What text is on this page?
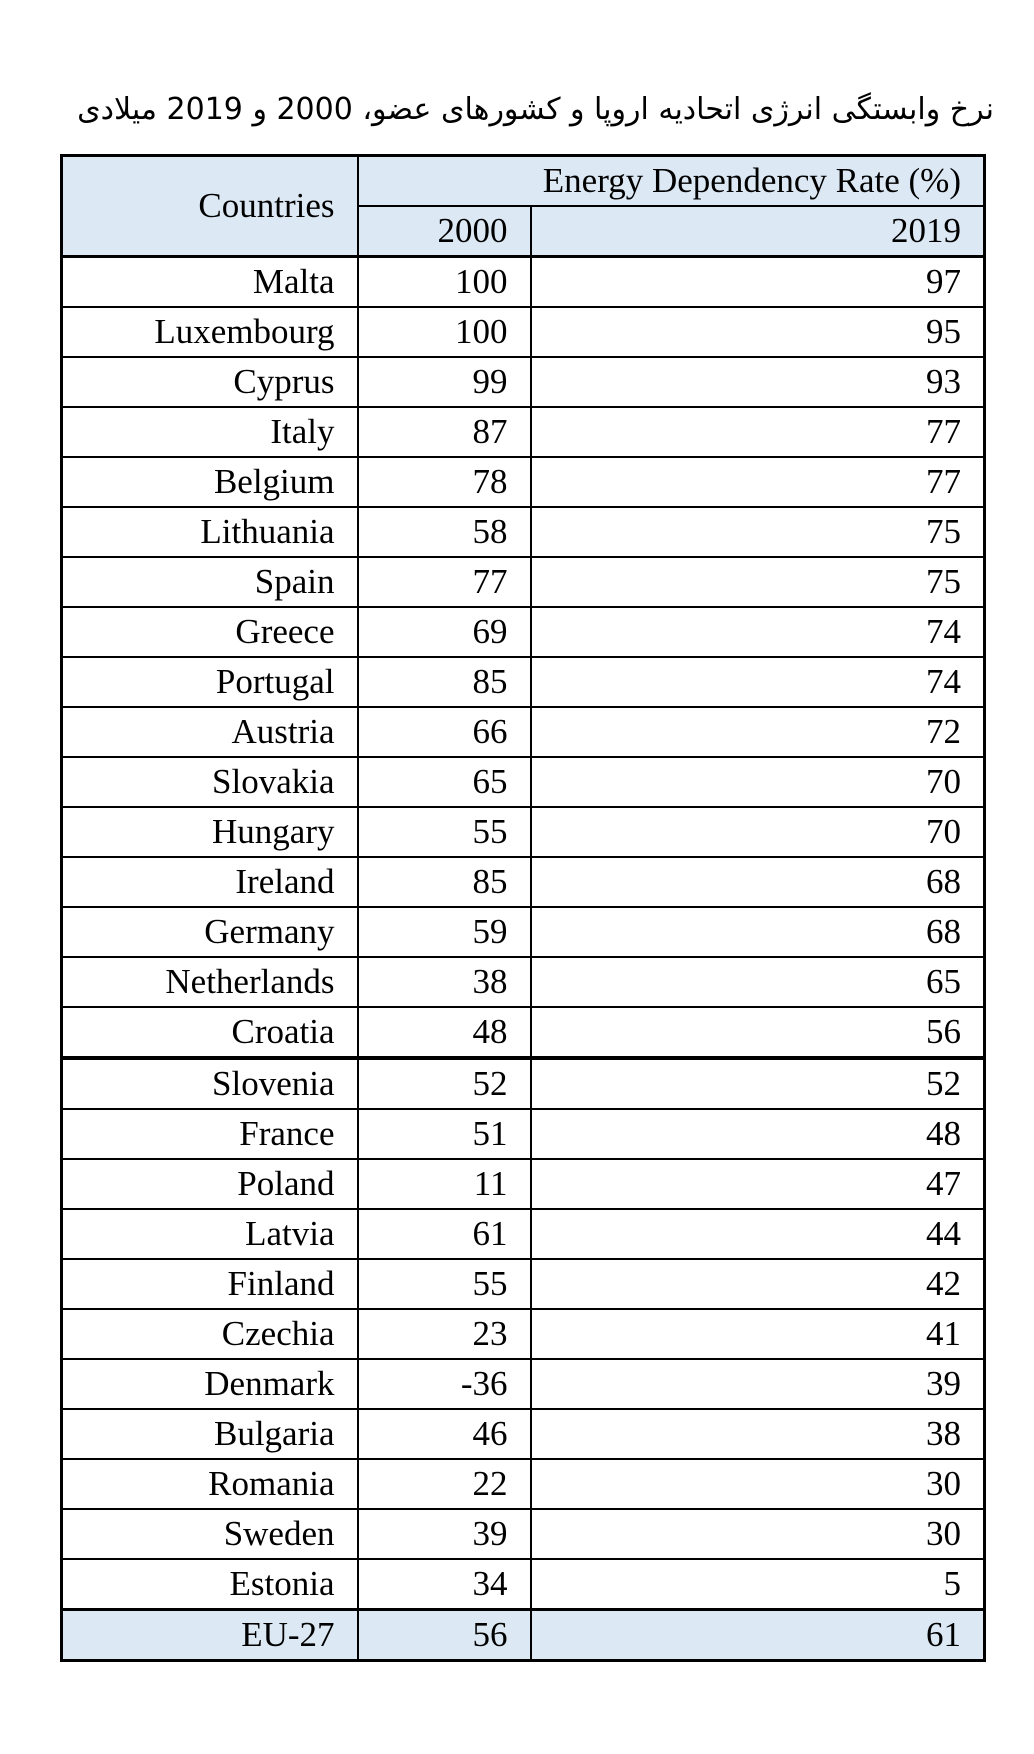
نرخ وابستگی انرژی اتحادیه اروپا و کشورهای عضو، 2000 و 2019 میلادی
Countries	Energy Dependency Rate (%)	
	2000	2019
Malta	100	97
Luxembourg	100	95
Cyprus	99	93
Italy	87	77
Belgium	78	77
Lithuania	58	75
Spain	77	75
Greece	69	74
Portugal	85	74
Austria	66	72
Slovakia	65	70
Hungary	55	70
Ireland	85	68
Germany	59	68
Netherlands	38	65
Croatia	48	56
Slovenia	52	52
France	51	48
Poland	11	47
Latvia	61	44
Finland	55	42
Czechia	23	41
Denmark	-36	39
Bulgaria	46	38
Romania	22	30
Sweden	39	30
Estonia	34	5
EU-27	56	61
